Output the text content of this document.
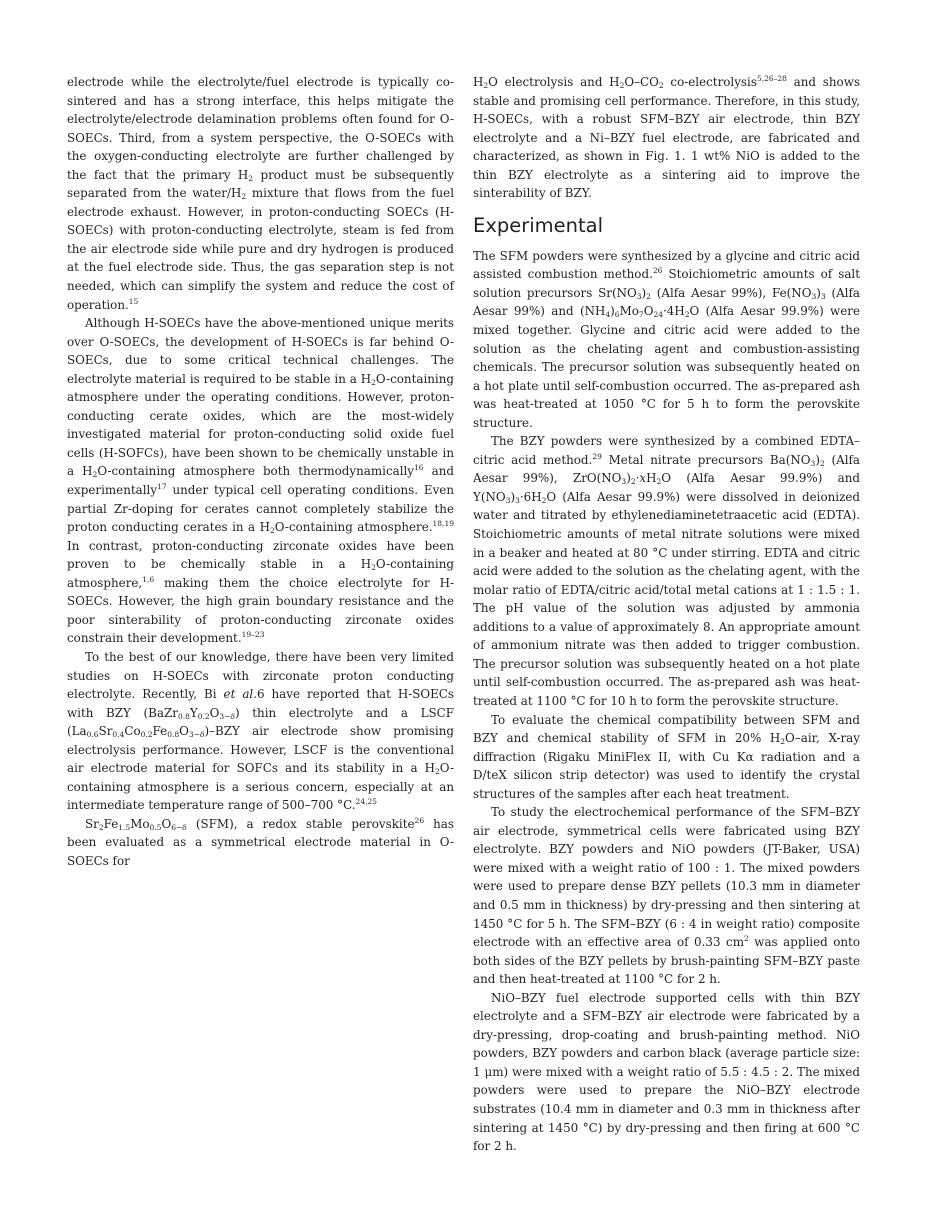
electrode while the electrolyte/fuel electrode is typically co-sintered and has a strong interface, this helps mitigate the electrolyte/electrode delamination problems often found for O-SOECs. Third, from a system perspective, the O-SOECs with the oxygen-conducting electrolyte are further challenged by the fact that the primary $H_2$ product must be subsequently separated from the water/$H_2$ mixture that flows from the fuel electrode exhaust. However, in proton-conducting SOECs (H-SOECs) with proton-conducting electrolyte, steam is fed from the air electrode side while pure and dry hydrogen is produced at the fuel electrode side. Thus, the gas separation step is not needed, which can simplify the system and reduce the cost of operation.$^{15}$

Although H-SOECs have the above-mentioned unique merits over O-SOECs, the development of H-SOECs is far behind O-SOECs, due to some critical technical challenges. The electrolyte material is required to be stable in a $H_2O$-containing atmosphere under the operating conditions. However, proton-conducting cerate oxides, which are the most-widely investigated material for proton-conducting solid oxide fuel cells (H-SOFCs), have been shown to be chemically unstable in a $H_2O$-containing atmosphere both thermodynamically$^{16}$ and experimentally$^{17}$ under typical cell operating conditions. Even partial Zr-doping for cerates cannot completely stabilize the proton conducting cerates in a $H_2O$-containing atmosphere.$^{18,19}$ In contrast, proton-conducting zirconate oxides have been proven to be chemically stable in a $H_2O$-containing atmosphere,$^{1,6}$ making them the choice electrolyte for H-SOECs. However, the high grain boundary resistance and the poor sinterability of proton-conducting zirconate oxides constrain their development.$^{19-23}$

To the best of our knowledge, there have been very limited studies on H-SOECs with zirconate proton conducting electrolyte. Recently, Bi et al.6 have reported that H-SOECs with BZY $(BaZr_{0.8}Y_{0.2}O_{3-\delta})$ thin electrolyte and a LSCF $(La_{0.6}Sr_{0.4}Co_{0.2}Fe_{0.8}O_{3-\delta})$–BZY air electrode show promising electrolysis performance. However, LSCF is the conventional air electrode material for SOFCs and its stability in a $H_2O$-containing atmosphere is a serious concern, especially at an intermediate temperature range of 500–700 °C.$^{24,25}$

$Sr_2Fe_{1.5}Mo_{0.5}O_{6-\delta}$ (SFM), a redox stable perovskite$^{26}$ has been evaluated as a symmetrical electrode material in O-SOECs for

$H_2O$ electrolysis and $H_2O-CO_2$ co-electrolysis$^{5,26-28}$ and shows stable and promising cell performance. Therefore, in this study, H-SOECs, with a robust SFM–BZY air electrode, thin BZY electrolyte and a Ni–BZY fuel electrode, are fabricated and characterized, as shown in Fig. 1. 1 wt% NiO is added to the thin BZY electrolyte as a sintering aid to improve the sinterability of BZY.

Experimental

The SFM powders were synthesized by a glycine and citric acid assisted combustion method.$^{26}$ Stoichiometric amounts of salt solution precursors $Sr(NO_3)_2$ (Alfa Aesar 99%), $Fe(NO_3)_3$ (Alfa Aesar 99%) and $(NH_4)_6Mo_7O_{24}\cdot 4H_2O$ (Alfa Aesar 99.9%) were mixed together. Glycine and citric acid were added to the solution as the chelating agent and combustion-assisting chemicals. The precursor solution was subsequently heated on a hot plate until self-combustion occurred. The as-prepared ash was heat-treated at 1050 °C for 5 h to form the perovskite structure.

The BZY powders were synthesized by a combined EDTA–citric acid method.$^{29}$ Metal nitrate precursors $Ba(NO_3)_2$ (Alfa Aesar 99%), $ZrO(NO_3)_2\cdot xH_2O$ (Alfa Aesar 99.9%) and $Y(NO_3)_3\cdot 6H_2O$ (Alfa Aesar 99.9%) were dissolved in deionized water and titrated by ethylenediaminetetraacetic acid (EDTA). Stoichiometric amounts of metal nitrate solutions were mixed in a beaker and heated at 80 °C under stirring. EDTA and citric acid were added to the solution as the chelating agent, with the molar ratio of EDTA/citric acid/total metal cations at 1 : 1.5 : 1. The pH value of the solution was adjusted by ammonia additions to a value of approximately 8. An appropriate amount of ammonium nitrate was then added to trigger combustion. The precursor solution was subsequently heated on a hot plate until self-combustion occurred. The as-prepared ash was heat-treated at 1100 °C for 10 h to form the perovskite structure.

To evaluate the chemical compatibility between SFM and BZY and chemical stability of SFM in 20% $H_2O$–air, X-ray diffraction (Rigaku MiniFlex II, with Cu Kα radiation and a D/teX silicon strip detector) was used to identify the crystal structures of the samples after each heat treatment.

To study the electrochemical performance of the SFM–BZY air electrode, symmetrical cells were fabricated using BZY electrolyte. BZY powders and NiO powders (JT-Baker, USA) were mixed with a weight ratio of 100 : 1. The mixed powders were used to prepare dense BZY pellets (10.3 mm in diameter and 0.5 mm in thickness) by dry-pressing and then sintering at 1450 °C for 5 h. The SFM–BZY (6 : 4 in weight ratio) composite electrode with an effective area of 0.33 $cm^2$ was applied onto both sides of the BZY pellets by brush-painting SFM–BZY paste and then heat-treated at 1100 °C for 2 h.

NiO–BZY fuel electrode supported cells with thin BZY electrolyte and a SFM–BZY air electrode were fabricated by a dry-pressing, drop-coating and brush-painting method. NiO powders, BZY powders and carbon black (average particle size: 1 μm) were mixed with a weight ratio of 5.5 : 4.5 : 2. The mixed powders were used to prepare the NiO–BZY electrode substrates (10.4 mm in diameter and 0.3 mm in thickness after sintering at 1450 °C) by dry-pressing and then firing at 600 °C for 2 h.
